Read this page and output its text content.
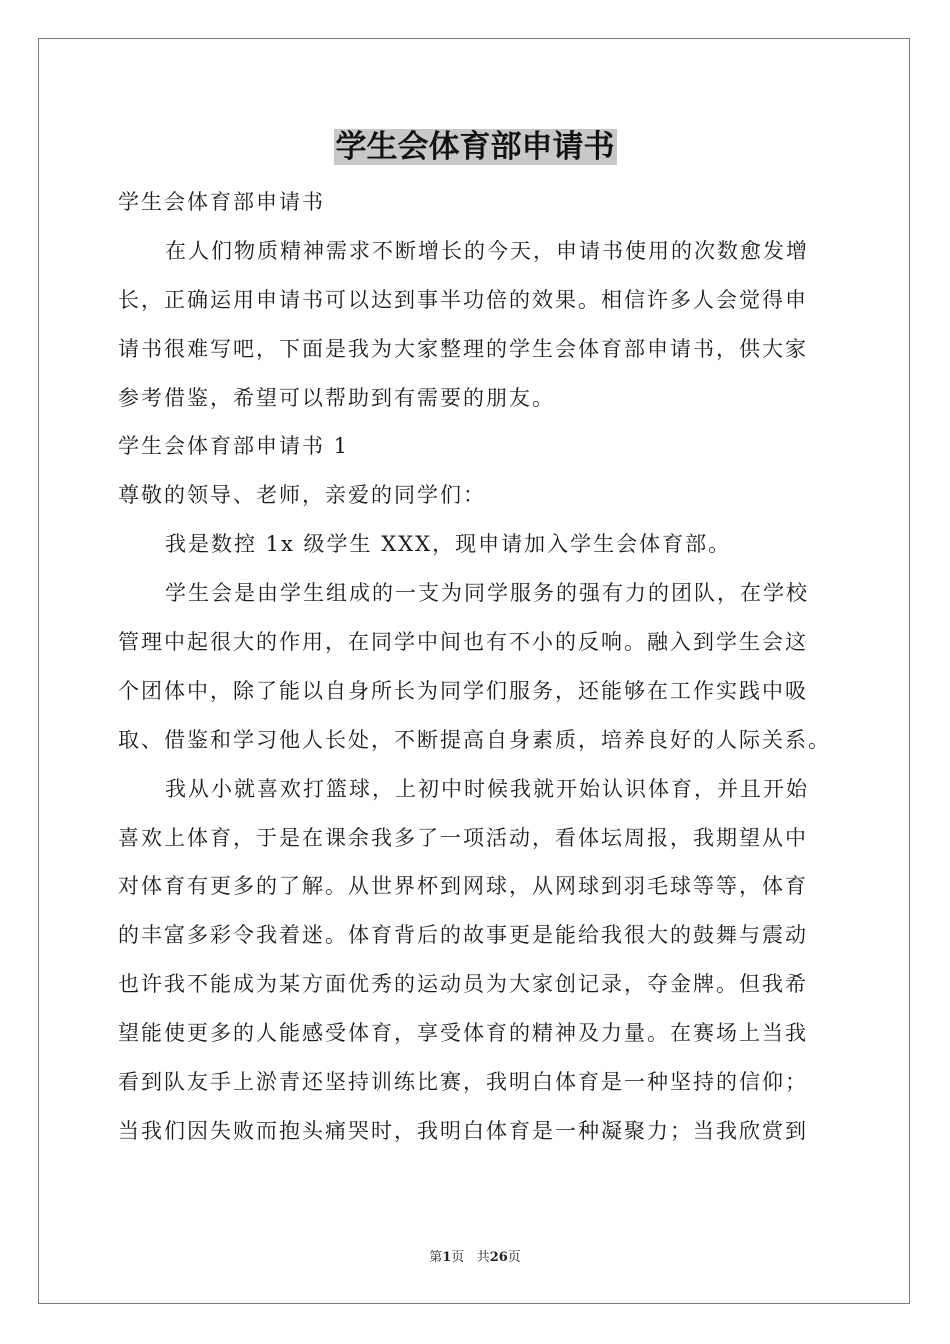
学生会体育部申请书
学生会体育部申请书
在人们物质精神需求不断增长的今天，申请书使用的次数愈发增
长，正确运用申请书可以达到事半功倍的效果。相信许多人会觉得申
请书很难写吧，下面是我为大家整理的学生会体育部申请书，供大家
参考借鉴，希望可以帮助到有需要的朋友。
学生会体育部申请书 1
尊敬的领导、老师，亲爱的同学们：
我是数控 1x 级学生 XXX，现申请加入学生会体育部。
学生会是由学生组成的一支为同学服务的强有力的团队，在学校
管理中起很大的作用，在同学中间也有不小的反响。融入到学生会这
个团体中，除了能以自身所长为同学们服务，还能够在工作实践中吸
取、借鉴和学习他人长处，不断提高自身素质，培养良好的人际关系。
我从小就喜欢打篮球，上初中时候我就开始认识体育，并且开始
喜欢上体育，于是在课余我多了一项活动，看体坛周报，我期望从中
对体育有更多的了解。从世界杯到网球，从网球到羽毛球等等，体育
的丰富多彩令我着迷。体育背后的故事更是能给我很大的鼓舞与震动
也许我不能成为某方面优秀的运动员为大家创记录，夺金牌。但我希
望能使更多的人能感受体育，享受体育的精神及力量。在赛场上当我
看到队友手上淤青还坚持训练比赛，我明白体育是一种坚持的信仰；
当我们因失败而抱头痛哭时，我明白体育是一种凝聚力；当我欣赏到
第1页 共26页
